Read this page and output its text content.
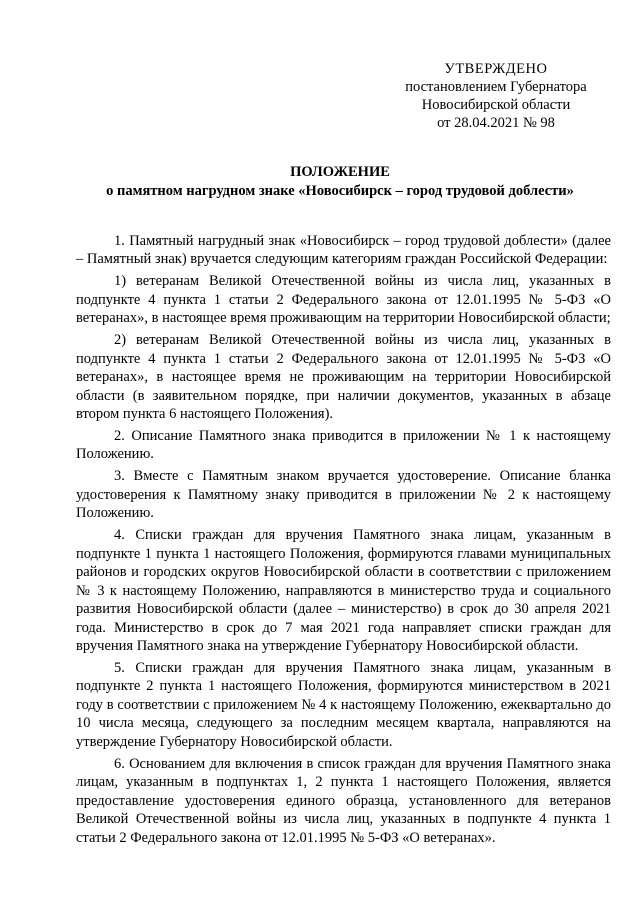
УТВЕРЖДЕНО
постановлением Губернатора
Новосибирской области
от 28.04.2021 № 98
ПОЛОЖЕНИЕ
о памятном нагрудном знаке «Новосибирск – город трудовой доблести»

1. Памятный нагрудный знак «Новосибирск – город трудовой доблести» (далее – Памятный знак) вручается следующим категориям граждан Российской Федерации:

1) ветеранам Великой Отечественной войны из числа лиц, указанных в подпункте 4 пункта 1 статьи 2 Федерального закона от 12.01.1995 № 5-ФЗ «О ветеранах», в настоящее время проживающим на территории Новосибирской области;

2) ветеранам Великой Отечественной войны из числа лиц, указанных в подпункте 4 пункта 1 статьи 2 Федерального закона от 12.01.1995 № 5-ФЗ «О ветеранах», в настоящее время не проживающим на территории Новосибирской области (в заявительном порядке, при наличии документов, указанных в абзаце втором пункта 6 настоящего Положения).

2. Описание Памятного знака приводится в приложении № 1 к настоящему Положению.

3. Вместе с Памятным знаком вручается удостоверение. Описание бланка удостоверения к Памятному знаку приводится в приложении № 2 к настоящему Положению.

4. Списки граждан для вручения Памятного знака лицам, указанным в подпункте 1 пункта 1 настоящего Положения, формируются главами муниципальных районов и городских округов Новосибирской области в соответствии с приложением № 3 к настоящему Положению, направляются в министерство труда и социального развития Новосибирской области (далее – министерство) в срок до 30 апреля 2021 года. Министерство в срок до 7 мая 2021 года направляет списки граждан для вручения Памятного знака на утверждение Губернатору Новосибирской области.

5. Списки граждан для вручения Памятного знака лицам, указанным в подпункте 2 пункта 1 настоящего Положения, формируются министерством в 2021 году в соответствии с приложением № 4 к настоящему Положению, ежеквартально до 10 числа месяца, следующего за последним месяцем квартала, направляются на утверждение Губернатору Новосибирской области.

6. Основанием для включения в список граждан для вручения Памятного знака лицам, указанным в подпунктах 1, 2 пункта 1 настоящего Положения, является предоставление удостоверения единого образца, установленного для ветеранов Великой Отечественной войны из числа лиц, указанных в подпункте 4 пункта 1 статьи 2 Федерального закона от 12.01.1995 № 5-ФЗ «О ветеранах».
